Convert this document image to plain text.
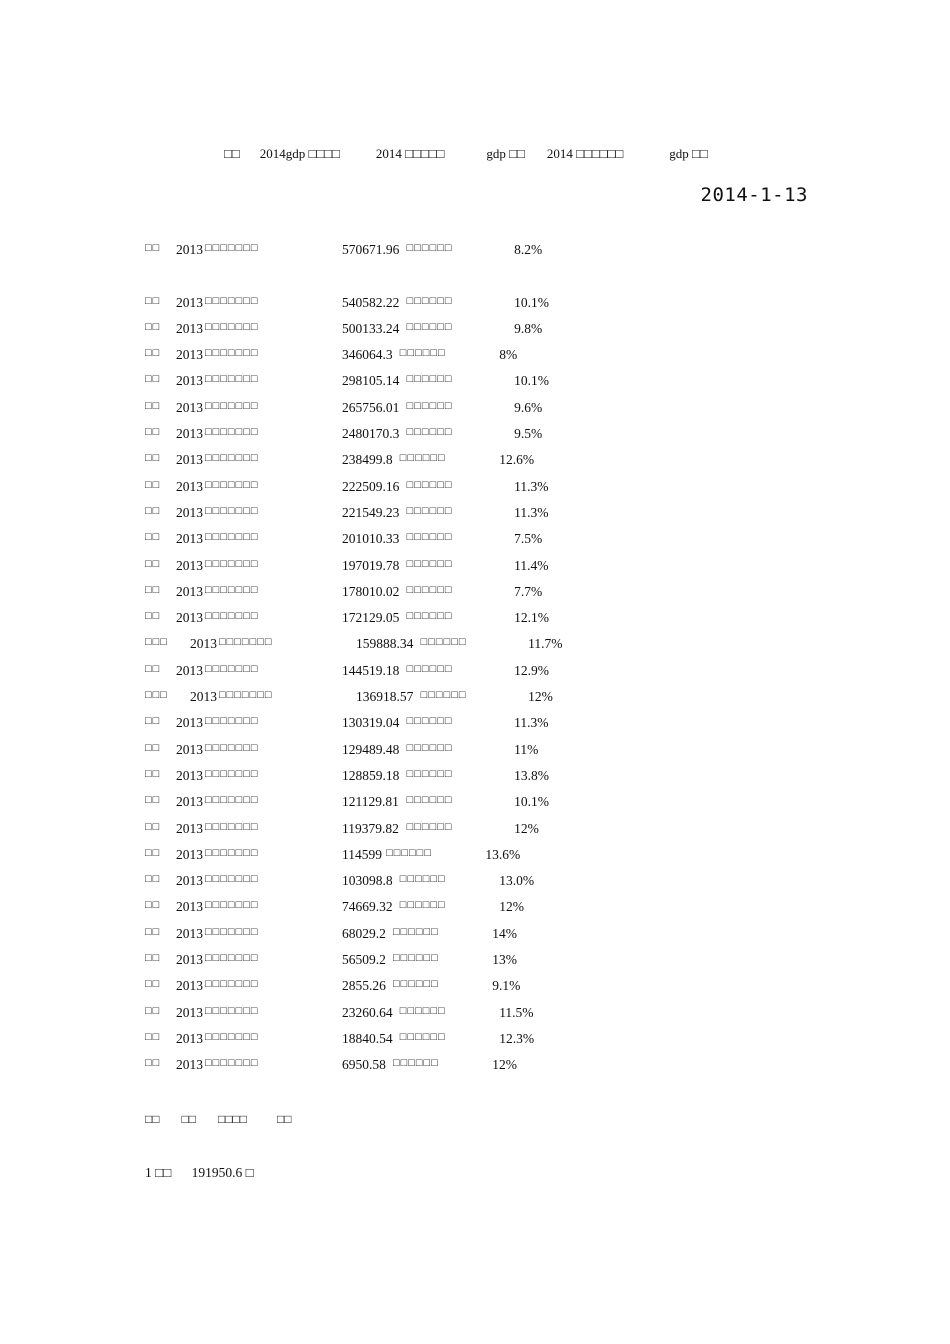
□□ 2014gdp □□□□	2014 □□□□□	gdp □□ 2014 □□□□□□	gdp □□
2014-1-13
□□ 2013 □□□□□□□	570671.96 □□□□□□	8.2%
□□ 2013 □□□□□□□	540582.22 □□□□□□	10.1%
□□ 2013 □□□□□□□	500133.24 □□□□□□	9.8%
□□ 2013 □□□□□□□	346064.3 □□□□□□	8%
□□ 2013 □□□□□□□	298105.14 □□□□□□	10.1%
□□ 2013 □□□□□□□	265756.01 □□□□□□	9.6%
□□ 2013 □□□□□□□	2480170.3 □□□□□□	9.5%
□□ 2013 □□□□□□□	238499.8 □□□□□□	12.6%
□□ 2013 □□□□□□□	222509.16 □□□□□□	11.3%
□□ 2013 □□□□□□□	221549.23 □□□□□□	11.3%
□□ 2013 □□□□□□□	201010.33 □□□□□□	7.5%
□□ 2013 □□□□□□□	197019.78 □□□□□□	11.4%
□□ 2013 □□□□□□□	178010.02 □□□□□□	7.7%
□□ 2013 □□□□□□□	172129.05 □□□□□□	12.1%
□□□ 2013 □□□□□□□	159888.34 □□□□□□	11.7%
□□ 2013 □□□□□□□	144519.18 □□□□□□	12.9%
□□□ 2013 □□□□□□□	136918.57 □□□□□□	12%
□□ 2013 □□□□□□□	130319.04 □□□□□□	11.3%
□□ 2013 □□□□□□□	129489.48 □□□□□□	11%
□□ 2013 □□□□□□□	128859.18 □□□□□□	13.8%
□□ 2013 □□□□□□□	121129.81 □□□□□□	10.1%
□□ 2013 □□□□□□□	119379.82 □□□□□□	12%
□□ 2013 □□□□□□□	114599 □□□□□□	13.6%
□□ 2013 □□□□□□□	103098.8 □□□□□□	13.0%
□□ 2013 □□□□□□□	74669.32 □□□□□□	12%
□□ 2013 □□□□□□□	68029.2 □□□□□□	14%
□□ 2013 □□□□□□□	56509.2 □□□□□□	13%
□□ 2013 □□□□□□□	2855.26 □□□□□□	9.1%
□□ 2013 □□□□□□□	23260.64 □□□□□□	11.5%
□□ 2013 □□□□□□□	18840.54 □□□□□□	12.3%
□□ 2013 □□□□□□□	6950.58 □□□□□□	12%
□□ □□ □□□□	□□
1 □□      191950.6 □
